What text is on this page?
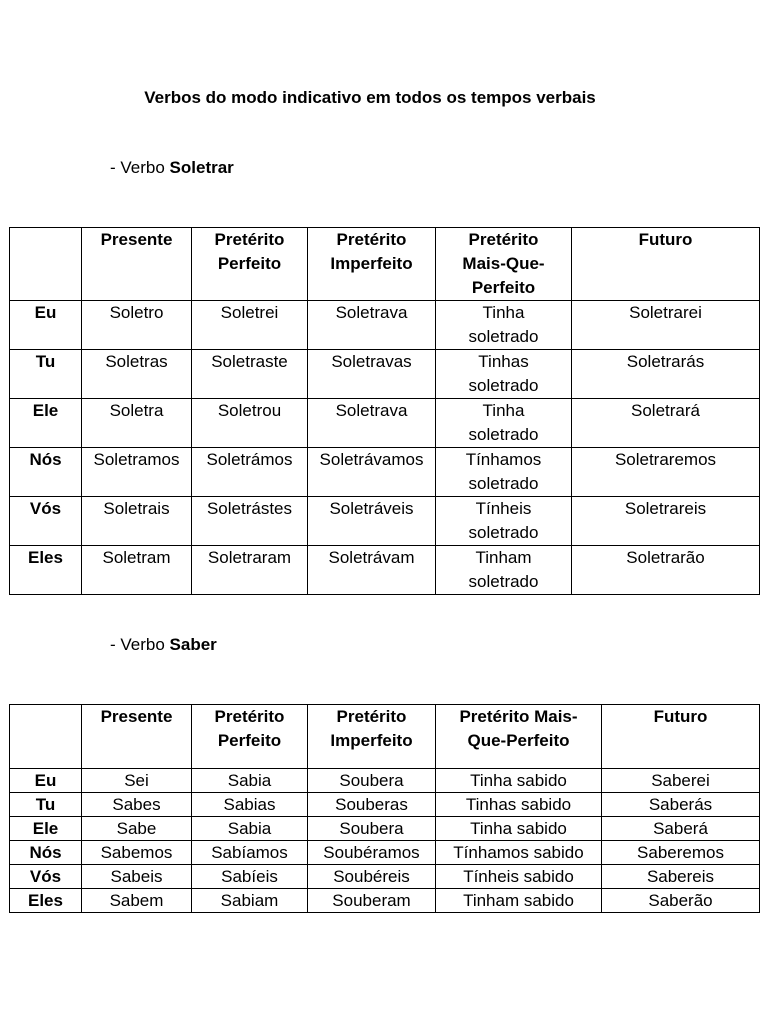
Verbos do modo indicativo em todos os tempos verbais
- Verbo Soletrar
	Presente	Pretérito Perfeito	Pretérito Imperfeito	Pretérito Mais-Que-Perfeito	Futuro
Eu	Soletro	Soletrei	Soletrava	Tinha soletrado	Soletrarei
Tu	Soletras	Soletraste	Soletravas	Tinhas soletrado	Soletrarás
Ele	Soletra	Soletrou	Soletrava	Tinha soletrado	Soletrará
Nós	Soletramos	Soletrámos	Soletrávamos	Tínhamos soletrado	Soletraremos
Vós	Soletrais	Soletrástes	Soletráveis	Tínheis soletrado	Soletrareis
Eles	Soletram	Soletraram	Soletrávam	Tinham soletrado	Soletrarão
- Verbo Saber
	Presente	Pretérito Perfeito	Pretérito Imperfeito	Pretérito Mais-Que-Perfeito	Futuro
Eu	Sei	Sabia	Soubera	Tinha sabido	Saberei
Tu	Sabes	Sabias	Souberas	Tinhas sabido	Saberás
Ele	Sabe	Sabia	Soubera	Tinha sabido	Saberá
Nós	Sabemos	Sabíamos	Soubéramos	Tínhamos sabido	Saberemos
Vós	Sabeis	Sabíeis	Soubéreis	Tínheis sabido	Sabereis
Eles	Sabem	Sabiam	Souberam	Tinham sabido	Saberão
